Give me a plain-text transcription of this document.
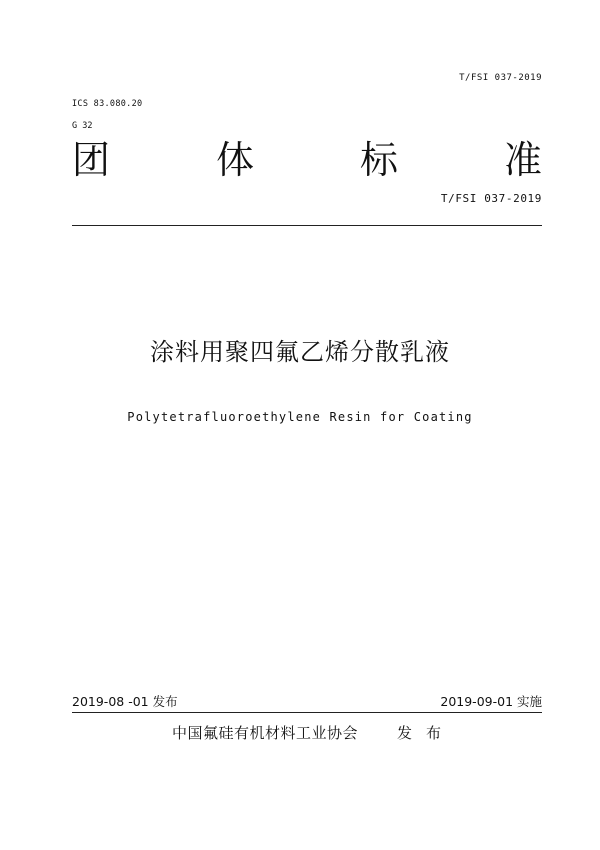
T/FSI 037-2019
ICS 83.080.20
G 32
团	体	标	准
T/FSI 037-2019
涂料用聚四氟乙烯分散乳液
Polytetrafluoroethylene Resin for Coating
2019-08 -01 发布	2019-09-01 实施
中国氟硅有机材料工业协会	发布
